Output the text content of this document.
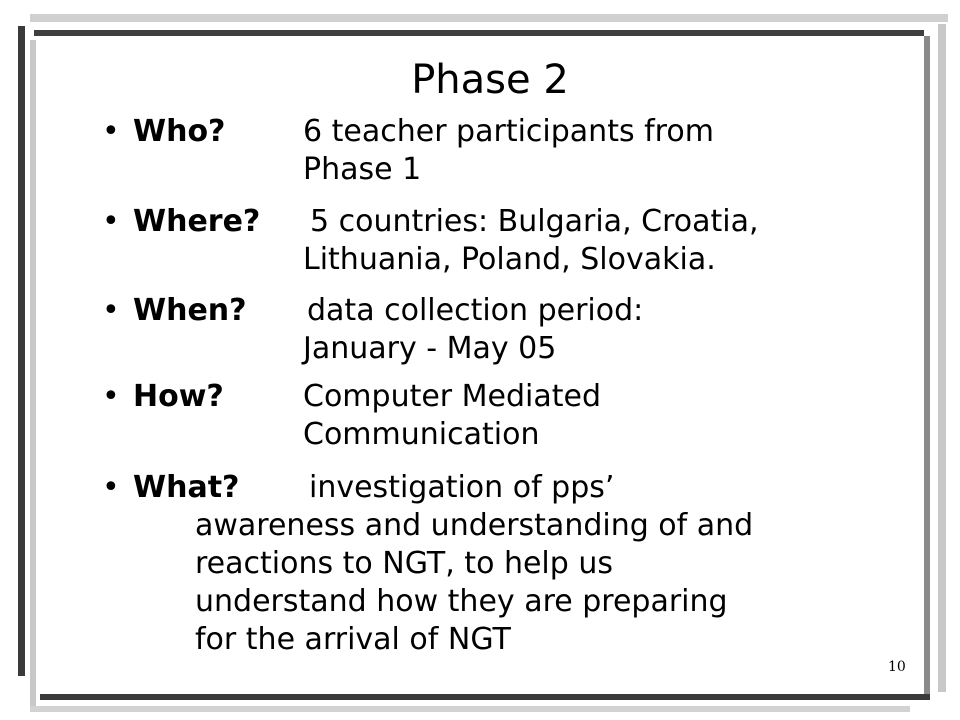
Phase 2
• Who?	6 teacher participants from
Phase 1
• Where? 5 countries: Bulgaria, Croatia,
Lithuania, Poland, Slovakia.
• When? data collection period:
January - May 05
• How?	Computer Mediated
Communication
• What? investigation of pps’
awareness and understanding of and
reactions to NGT, to help us
understand how they are preparing
for the arrival of NGT
10
